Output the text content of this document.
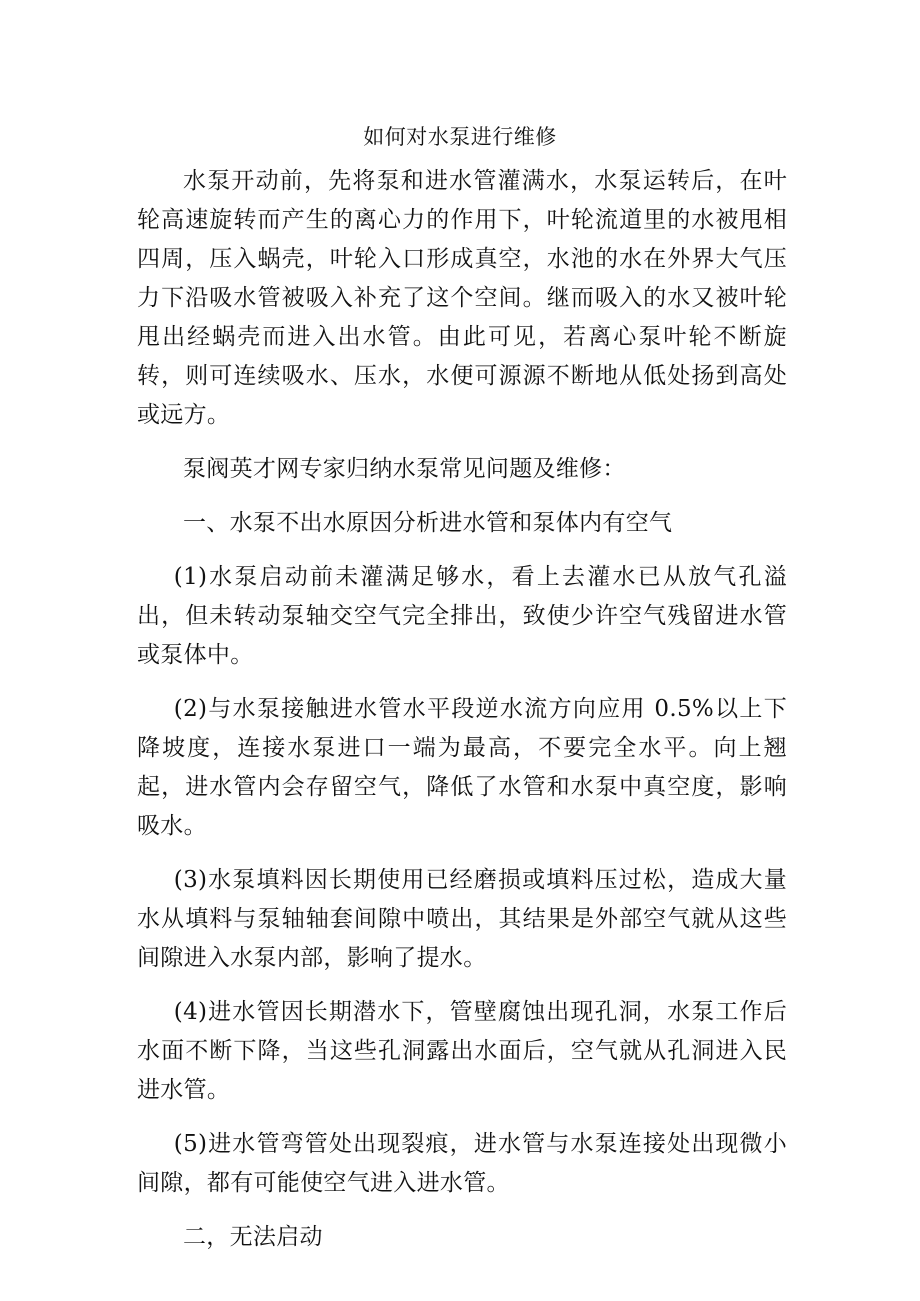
如何对水泵进行维修

水泵开动前，先将泵和进水管灌满水，水泵运转后，在叶轮高速旋转而产生的离心力的作用下，叶轮流道里的水被甩相四周，压入蜗壳，叶轮入口形成真空，水池的水在外界大气压力下沿吸水管被吸入补充了这个空间。继而吸入的水又被叶轮甩出经蜗壳而进入出水管。由此可见，若离心泵叶轮不断旋转，则可连续吸水、压水，水便可源源不断地从低处扬到高处或远方。

泵阀英才网专家归纳水泵常见问题及维修：

一、水泵不出水原因分析进水管和泵体内有空气

(1)水泵启动前未灌满足够水，看上去灌水已从放气孔溢出，但未转动泵轴交空气完全排出，致使少许空气残留进水管或泵体中。

(2)与水泵接触进水管水平段逆水流方向应用 0.5%以上下降坡度，连接水泵进口一端为最高，不要完全水平。向上翘起，进水管内会存留空气，降低了水管和水泵中真空度，影响吸水。

(3)水泵填料因长期使用已经磨损或填料压过松，造成大量水从填料与泵轴轴套间隙中喷出，其结果是外部空气就从这些间隙进入水泵内部，影响了提水。

(4)进水管因长期潜水下，管壁腐蚀出现孔洞，水泵工作后水面不断下降，当这些孔洞露出水面后，空气就从孔洞进入民进水管。

(5)进水管弯管处出现裂痕，进水管与水泵连接处出现微小间隙，都有可能使空气进入进水管。

二，无法启动
